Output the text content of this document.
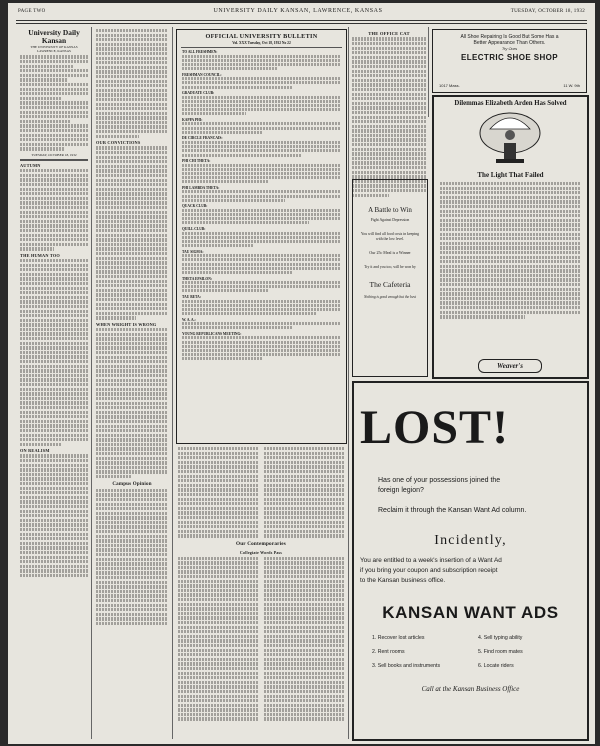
PAGE TWO	UNIVERSITY DAILY KANSAN, LAWRENCE, KANSAS	TUESDAY, OCTOBER 18, 1932
University Daily Kansan
THE UNIVERSITY OF KANSAS
LAWRENCE, KANSAS
TUESDAY, OCTOBER 18, 1932
AUTUMN
THE HUMAN TOO
ON REALISM
OUR CONVICTIONS
WHEN WRIGHT IS WRONG
Campus Opinion
OFFICIAL UNIVERSITY BULLETIN
Vol. XXX Tuesday, Oct 18, 1932 No 22
TO ALL FRESHMEN:
FRESHMAN COUNCIL:
GRADUATE CLUB:
KAPPA PHI:
DE CIRCLE FRANCAIS:
PHI CHI THETA:
PHI LAMBDA THETA:
QUACK CLUB:
QUILL CLUB:
TAU SIGMA:
THETA EPSILON:
TAU BETA:
W. A. A.:
YOUNG REPUBLICANS MEETING:
Our Contemporaries
Collegiate Words Pass
THE OFFICE CAT
All Shoe Repairing Is Good But Some Has a
Better Appearance Than Others.
Try Ours
ELECTRIC SHOE SHOP
1017 Mass.	11 W. 9th
Dilemmas Elizabeth Arden Has Solved
The Light That Failed
Weaver's
A Battle to Win
Fight Against Depression
You will find all food costs in keeping with the low level.
Our 25c Meal is a Winner
Try it and you too, will be won by
The Cafeteria
Nothing is good enough but the best
LOST!
Has one of your possessions joined the
foreign legion?
Reclaim it through the Kansan Want Ad column.
Incidently,
You are entitled to a week's insertion of a Want Ad
if you bring your coupon and subscription receipt
to the Kansan business office.
KANSAN WANT ADS
1. Recover lost articles
2. Rent rooms
3. Sell books and instruments
4. Sell typing ability
5. Find room mates
6. Locate riders
Call at the Kansan Business Office
